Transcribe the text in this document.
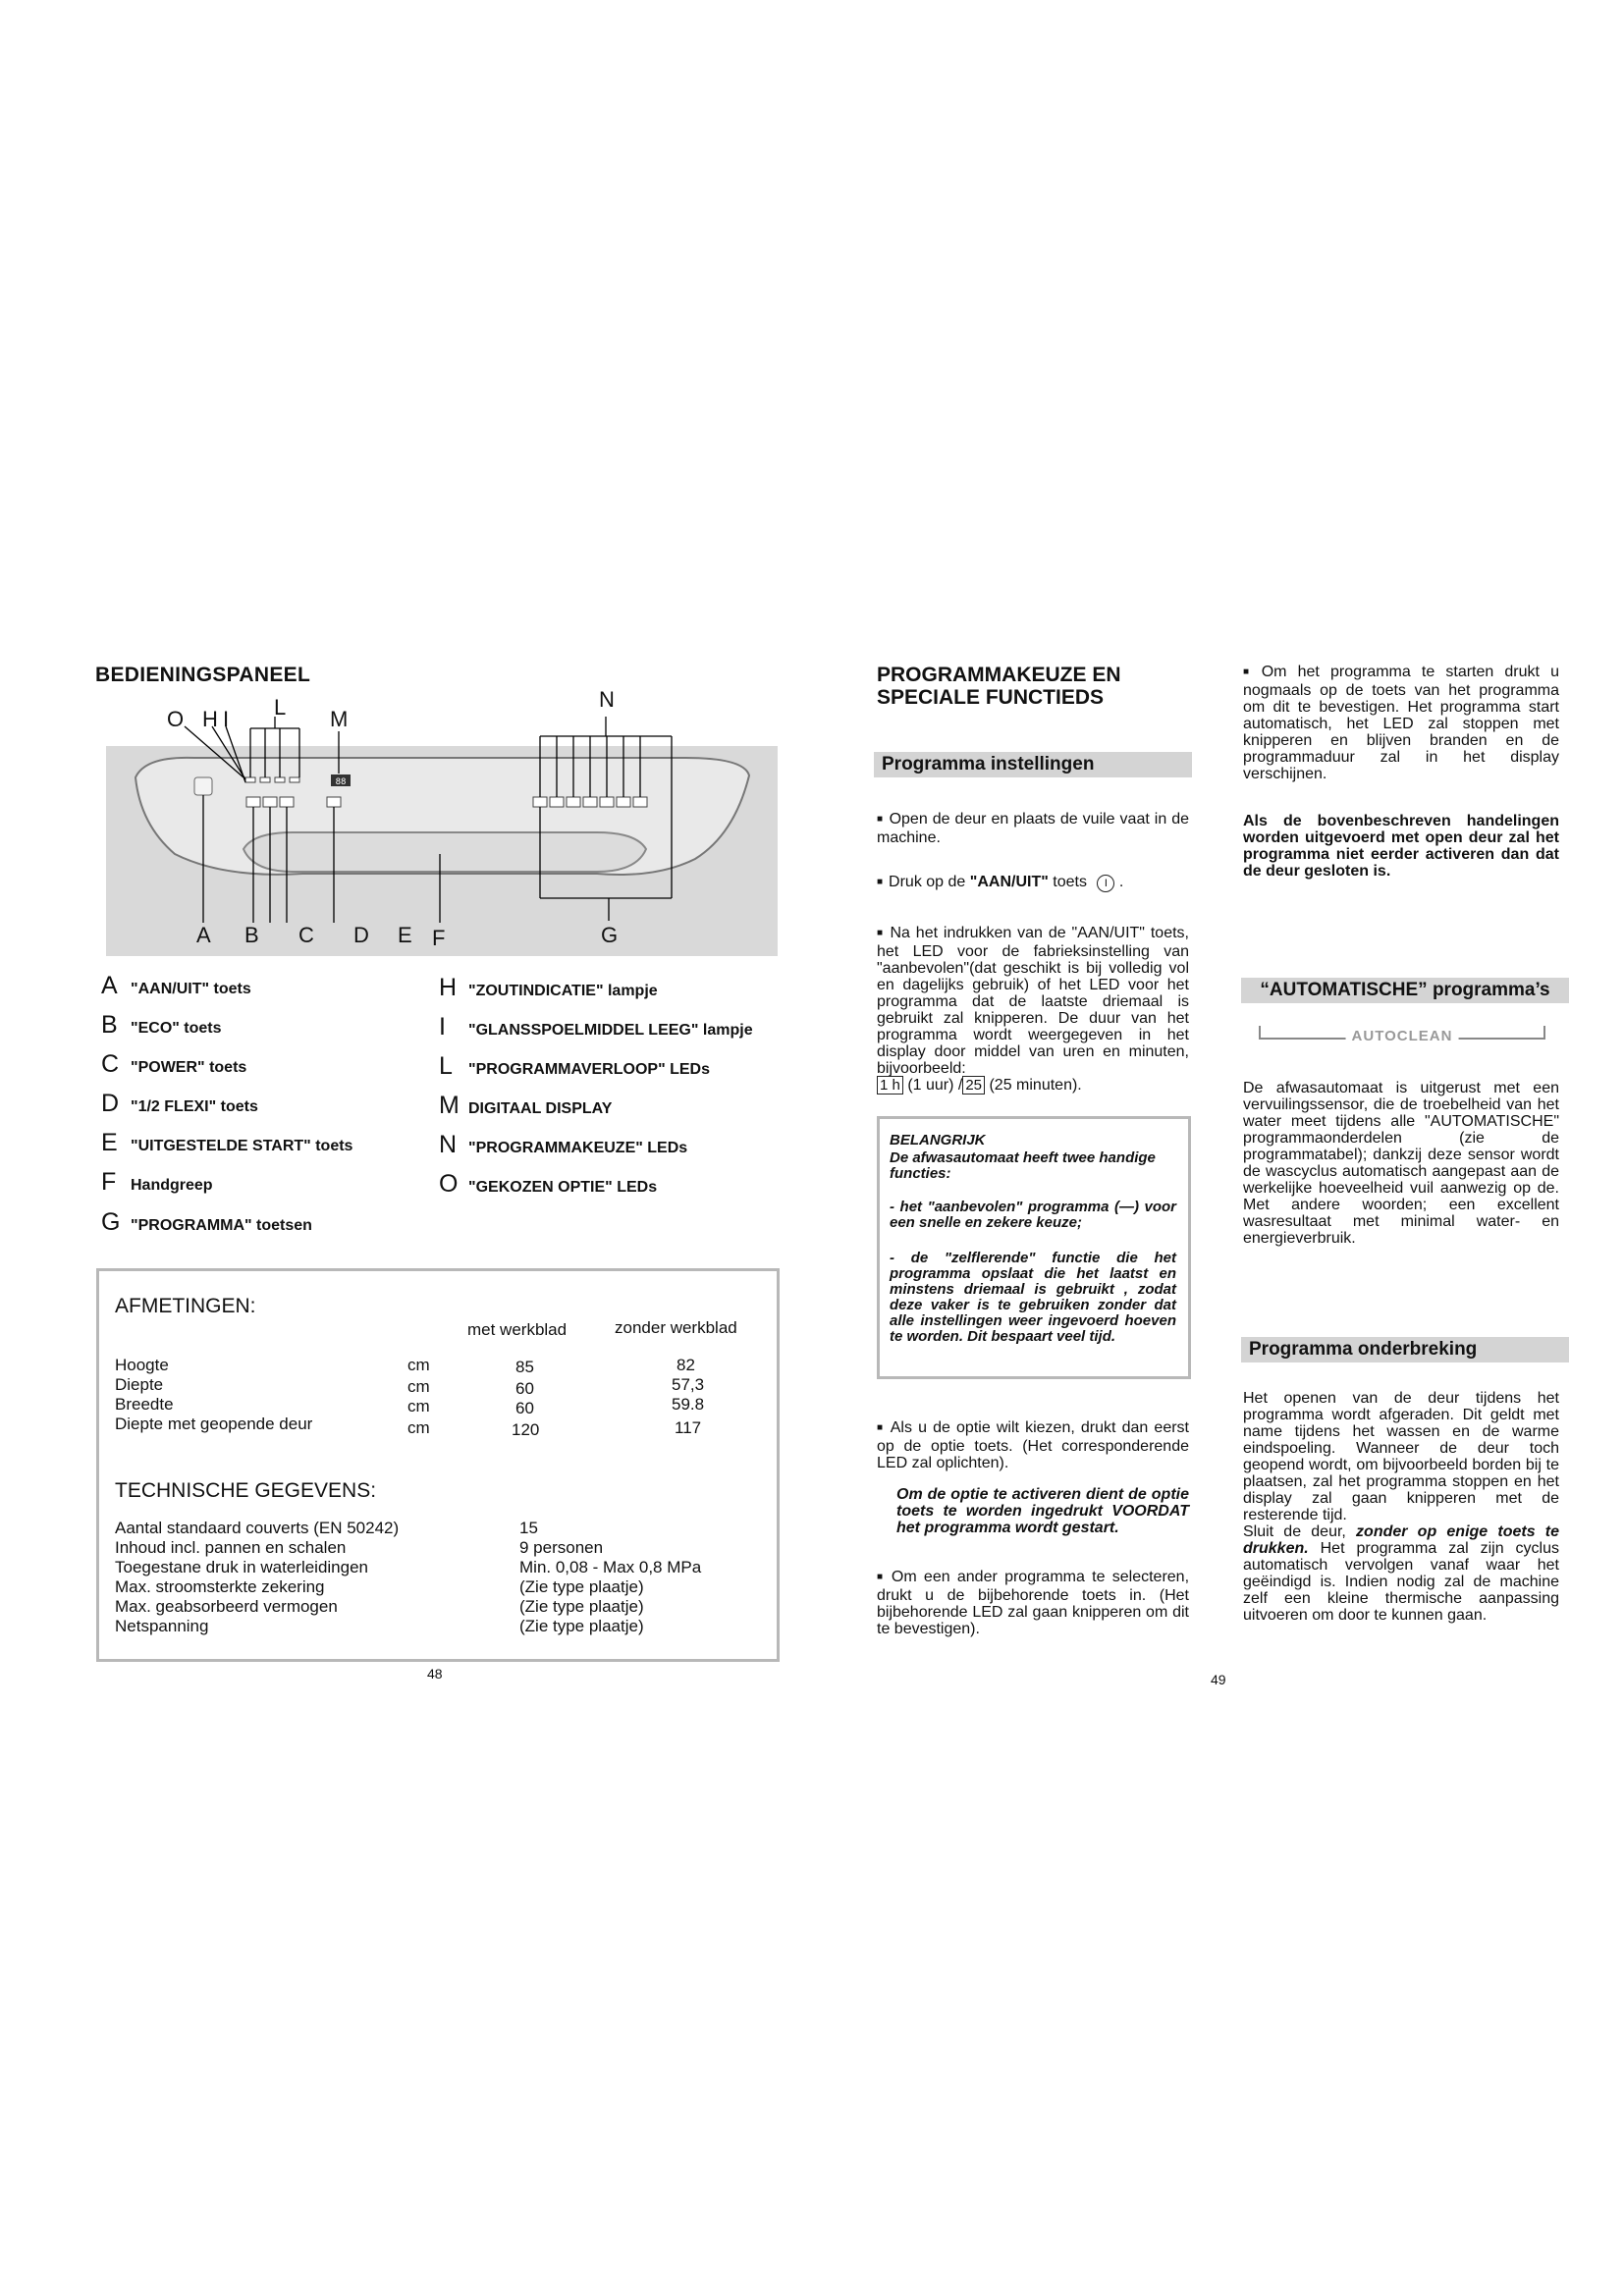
BEDIENINGSPANEEL
88
O H I L M
N
A B C D E F	G
A "AAN/UIT" toets
B "ECO" toets
C "POWER" toets
D "1/2 FLEXI" toets
E "UITGESTELDE START" toets
F Handgreep
G "PROGRAMMA" toetsen
H "ZOUTINDICATIE" lampje
I	"GLANSSPOELMIDDEL LEEG" lampje
L	"PROGRAMMAVERLOOP" LEDs
M DIGITAAL DISPLAY
N "PROGRAMMAKEUZE" LEDs
O "GEKOZEN OPTIE" LEDs
AFMETINGEN:
met werkblad	zonder werkblad
Hoogte	cm	85	82
Diepte	cm	60	57,3
Breedte	cm	60	59.8
Diepte met geopende deur	cm	120	117
TECHNISCHE GEGEVENS:
Aantal standaard couverts (EN 50242)	15
Inhoud incl. pannen en schalen	9 personen
Toegestane druk in waterleidingen	Min. 0,08 - Max 0,8 MPa
Max. stroomsterkte zekering	(Zie type plaatje)
Max. geabsorbeerd vermogen	(Zie type plaatje)
Netspanning	(Zie type plaatje)
48
PROGRAMMAKEUZE EN
SPECIALE FUNCTIEDS
Programma instellingen
■ Open de deur en plaats de vuile vaat in de machine.
■ Druk op de "AAN/UIT" toets I .
■ Na het indrukken van de "AAN/UIT" toets, het LED voor de fabrieksinstelling van "aanbevolen"(dat geschikt is bij volledig vol en dagelijks gebruik) of het LED voor het programma dat de laatste driemaal is gebruikt zal knipperen. De duur van het programma wordt weergegeven in het display door middel van uren en minuten, bijvoorbeeld:
1 h (1 uur) / 25 (25 minuten).
BELANGRIJK
De afwasautomaat heeft twee handige functies:
- het "aanbevolen" programma (—) voor een snelle en zekere keuze;
- de "zelflerende" functie die het programma opslaat die het laatst en minstens driemaal is gebruikt , zodat deze vaker is te gebruiken zonder dat alle instellingen weer ingevoerd hoeven te worden. Dit bespaart veel tijd.
■ Als u de optie wilt kiezen, drukt dan eerst op de optie toets. (Het corresponderende LED zal oplichten).
Om de optie te activeren dient de optie toets te worden ingedrukt VOORDAT het programma wordt gestart.
■ Om een ander programma te selecteren, drukt u de bijbehorende toets in. (Het bijbehorende LED zal gaan knipperen om dit te bevestigen).
49
■ Om het programma te starten drukt u nogmaals op de toets van het programma om dit te bevestigen. Het programma start automatisch, het LED zal stoppen met knipperen en blijven branden en de programmaduur zal in het display verschijnen.
Als de bovenbeschreven handelingen worden uitgevoerd met open deur zal het programma niet eerder activeren dan dat de deur gesloten is.
“AUTOMATISCHE” programma’s
AUTOCLEAN
De afwasautomaat is uitgerust met een vervuilingssensor, die de troebelheid van het water meet tijdens alle "AUTOMATISCHE" programmaonderdelen (zie de programmatabel); dankzij deze sensor wordt de wascyclus automatisch aangepast aan de werkelijke hoeveelheid vuil aanwezig op de. Met andere woorden; een excellent wasresultaat met minimal water- en energieverbruik.
Programma onderbreking
Het openen van de deur tijdens het programma wordt afgeraden. Dit geldt met name tijdens het wassen en de warme eindspoeling. Wanneer de deur toch geopend wordt, om bijvoorbeeld borden bij te plaatsen, zal het programma stoppen en het display zal gaan knipperen met de resterende tijd.
Sluit de deur, zonder op enige toets te drukken. Het programma zal zijn cyclus automatisch vervolgen vanaf waar het geëindigd is. Indien nodig zal de machine zelf een kleine thermische aanpassing uitvoeren om door te kunnen gaan.
